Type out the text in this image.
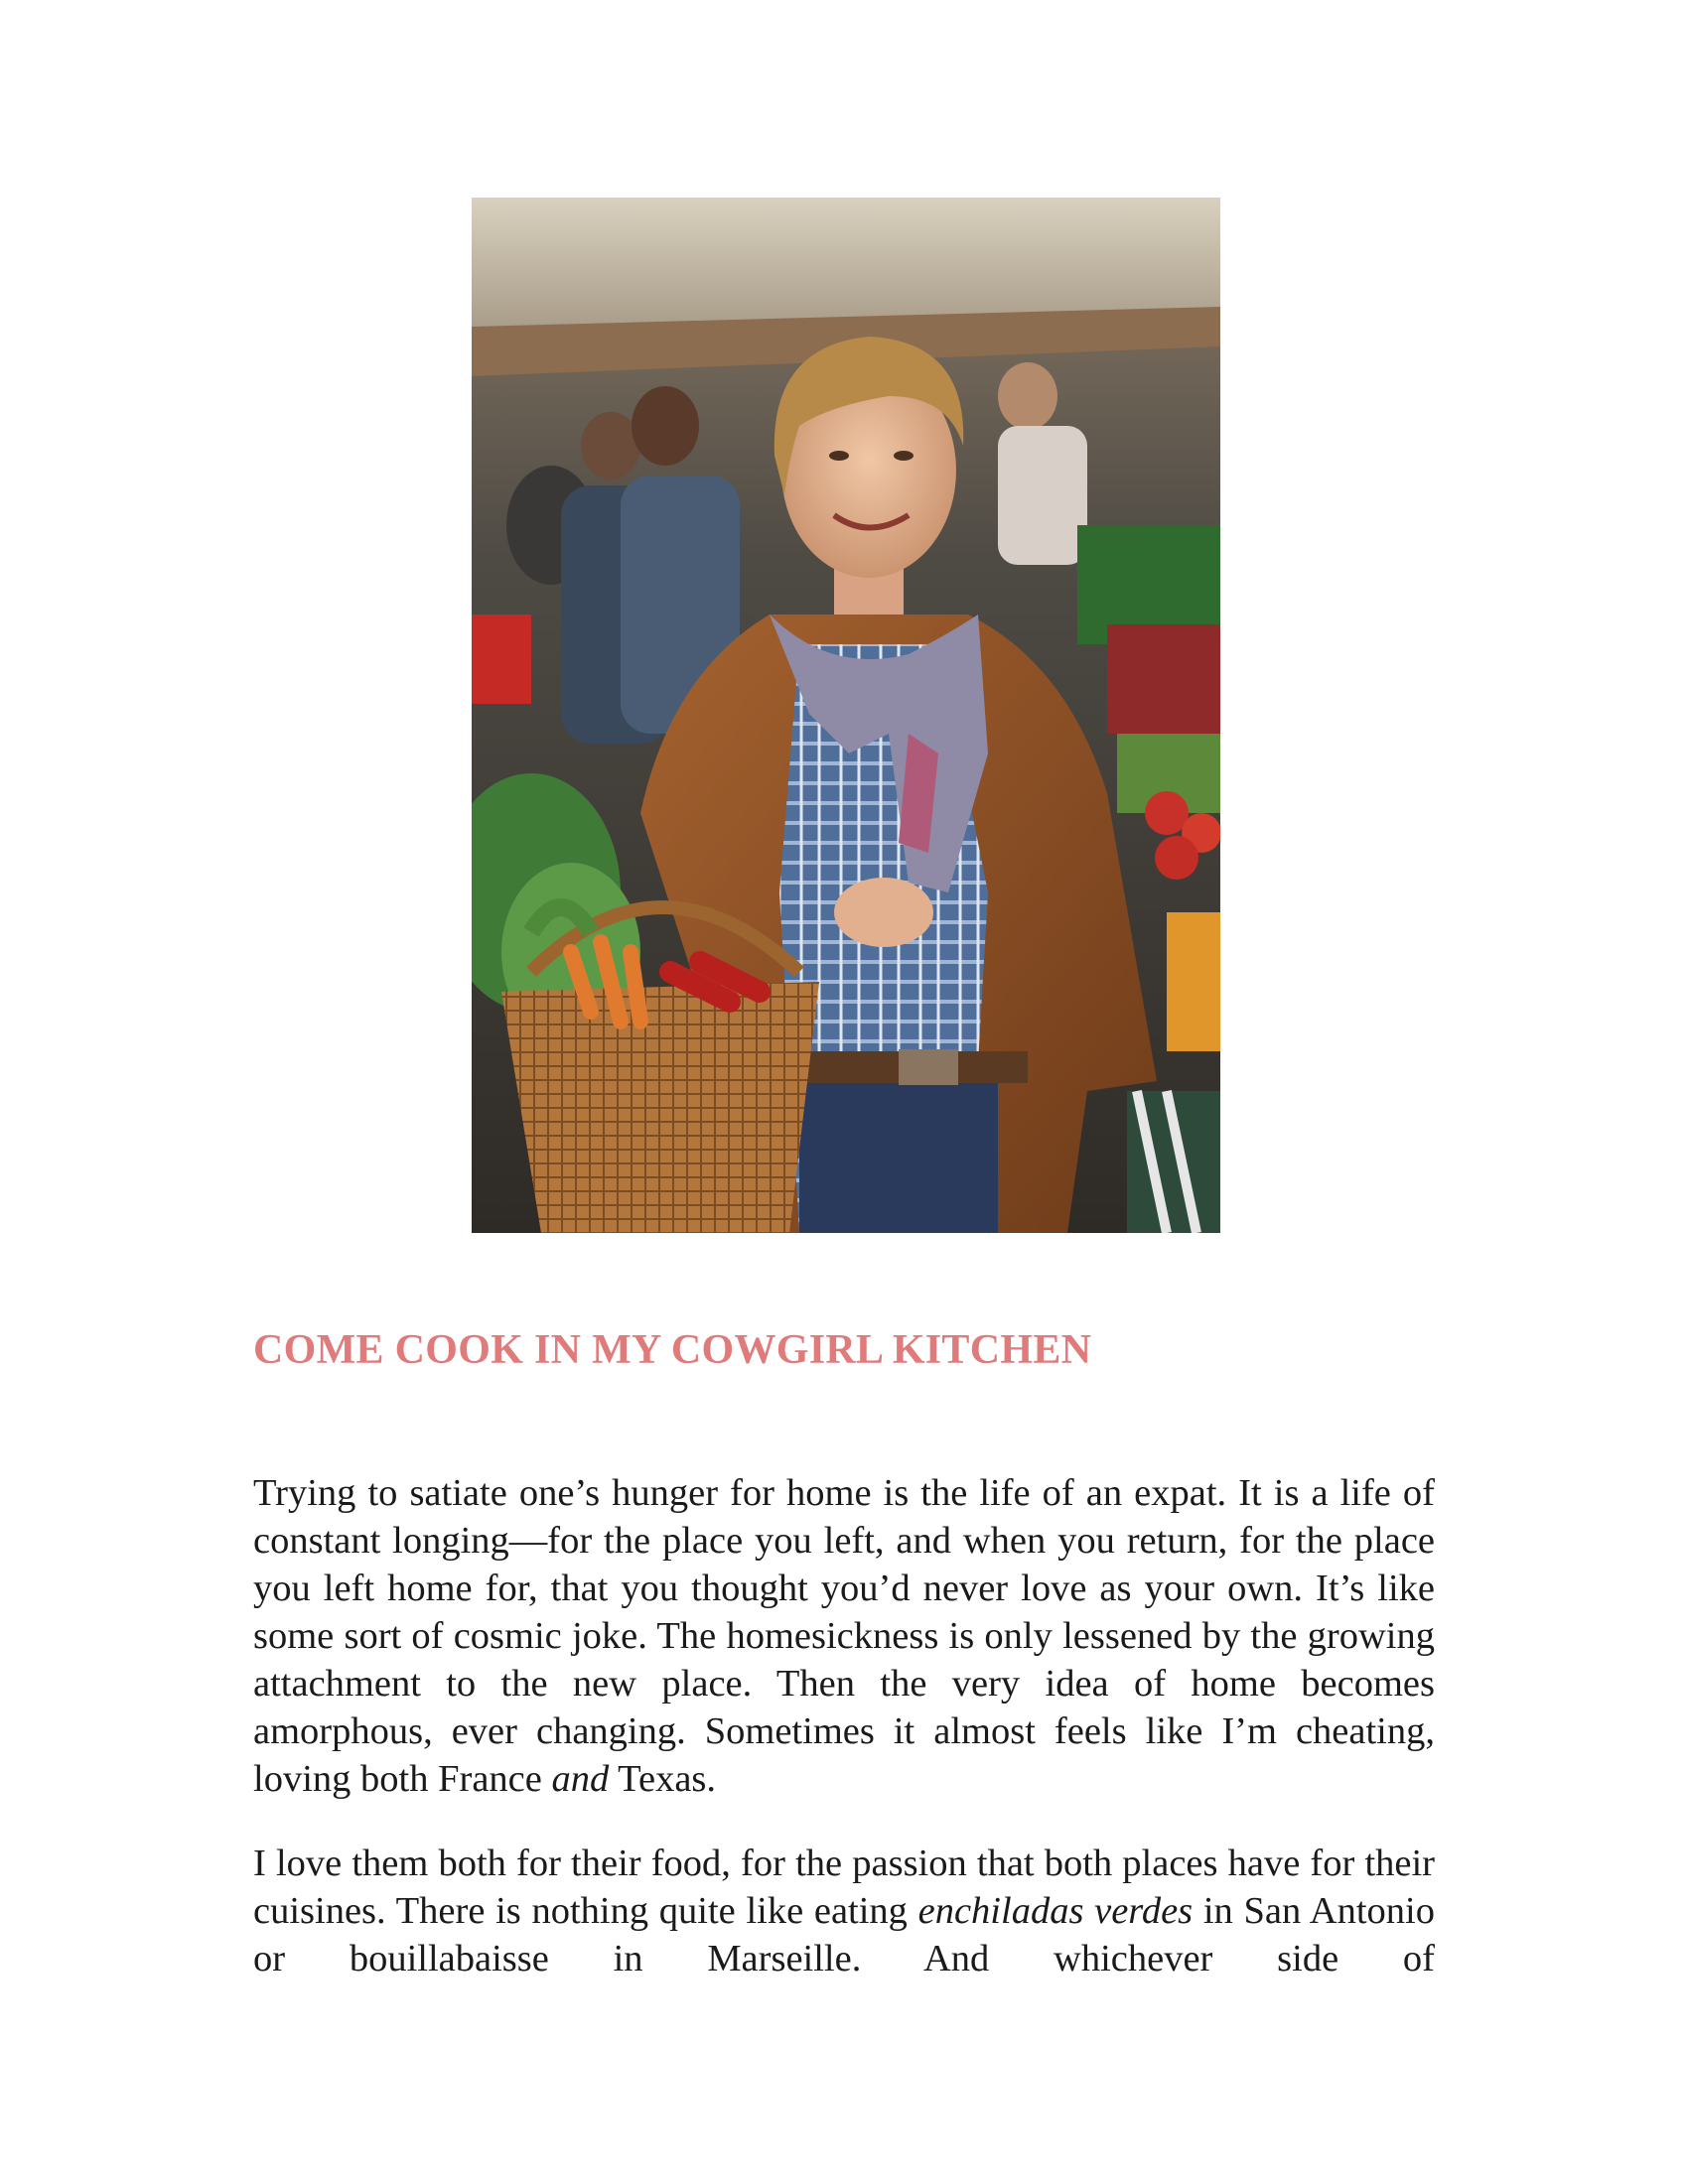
COME COOK IN MY COWGIRL KITCHEN

Trying to satiate one’s hunger for home is the life of an expat. It is a life of constant longing—for the place you left, and when you return, for the place you left home for, that you thought you’d never love as your own. It’s like some sort of cosmic joke. The homesickness is only lessened by the growing attachment to the new place. Then the very idea of home becomes amorphous, ever changing. Sometimes it almost feels like I’m cheating, loving both France and Texas.

I love them both for their food, for the passion that both places have for their cuisines. There is nothing quite like eating enchiladas verdes in San Antonio or bouillabaisse in Marseille. And whichever side of
